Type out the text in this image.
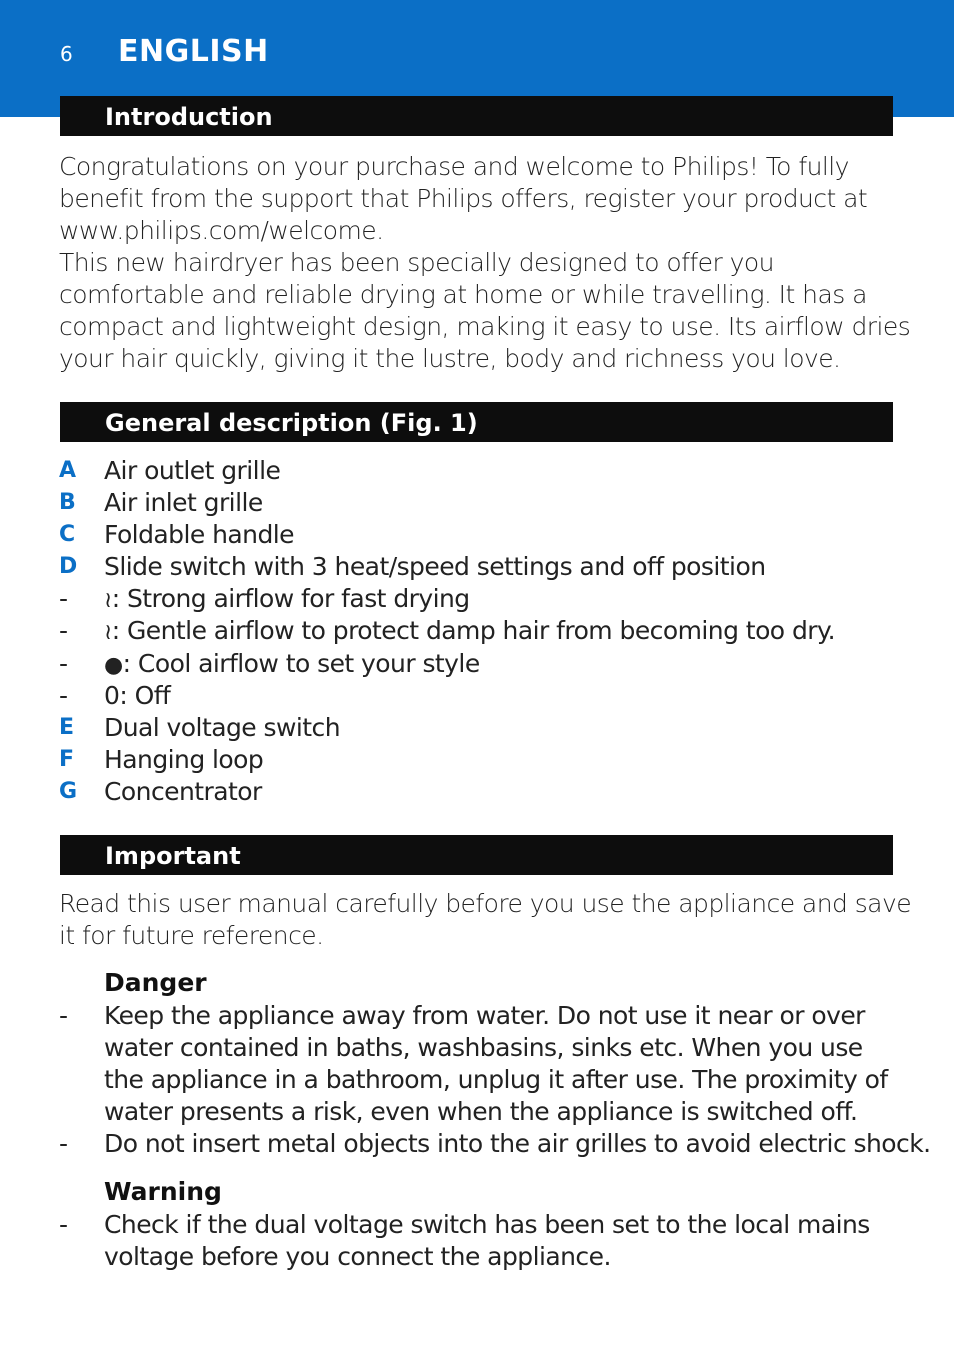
6 ENGLISH
Introduction

Congratulations on your purchase and welcome to Philips! To fully benefit from the support that Philips offers, register your product at www.philips.com/welcome.

This new hairdryer has been specially designed to offer you comfortable and reliable drying at home or while travelling. It has a compact and lightweight design, making it easy to use. Its airflow dries your hair quickly, giving it the lustre, body and richness you love.

General description (Fig. 1)
A	Air outlet grille
B	Air inlet grille
C	Foldable handle
D	Slide switch with 3 heat/speed settings and off position
-	≀: Strong airflow for fast drying
-	≀: Gentle airflow to protect damp hair from becoming too dry.
-	●: Cool airflow to set your style
-	0: Off
E	Dual voltage switch
F	Hanging loop
G	Concentrator
Important

Read this user manual carefully before you use the appliance and save it for future reference.

Danger
-	Keep the appliance away from water. Do not use it near or over water contained in baths, washbasins, sinks etc. When you use the appliance in a bathroom, unplug it after use. The proximity of water presents a risk, even when the appliance is switched off.
-	Do not insert metal objects into the air grilles to avoid electric shock.
Warning
-	Check if the dual voltage switch has been set to the local mains voltage before you connect the appliance.
